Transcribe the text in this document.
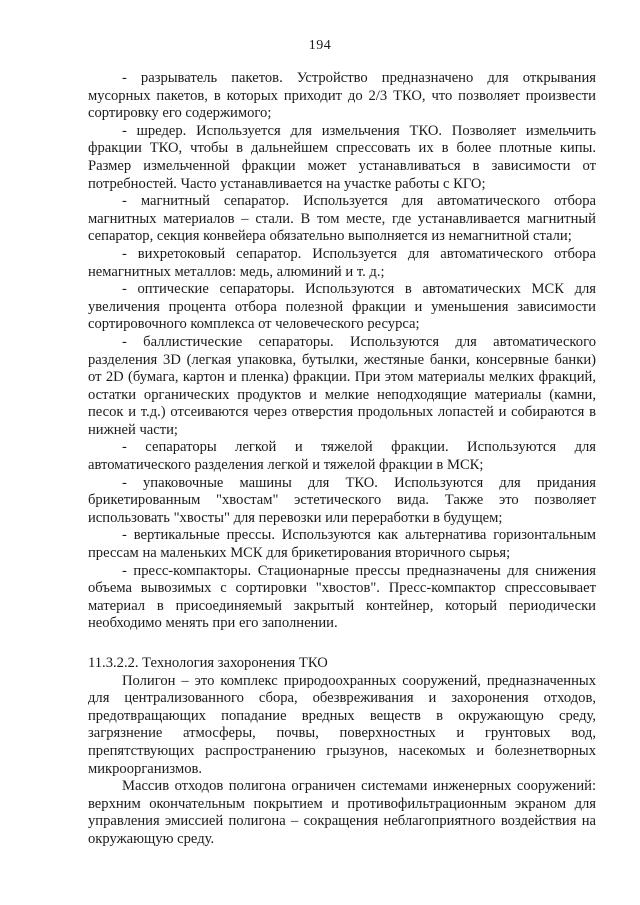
194

- разрыватель пакетов. Устройство предназначено для открывания мусорных пакетов, в которых приходит до 2/3 ТКО, что позволяет произвести сортировку его содержимого;

- шредер. Используется для измельчения ТКО. Позволяет измельчить фракции ТКО, чтобы в дальнейшем спрессовать их в более плотные кипы. Размер измельченной фракции может устанавливаться в зависимости от потребностей. Часто устанавливается на участке работы с КГО;

- магнитный сепаратор. Используется для автоматического отбора магнитных материалов – стали. В том месте, где устанавливается магнитный сепаратор, секция конвейера обязательно выполняется из немагнитной стали;

- вихретоковый сепаратор. Используется для автоматического отбора немагнитных металлов: медь, алюминий и т. д.;

- оптические сепараторы. Используются в автоматических МСК для увеличения процента отбора полезной фракции и уменьшения зависимости сортировочного комплекса от человеческого ресурса;

- баллистические сепараторы. Используются для автоматического разделения 3D (легкая упаковка, бутылки, жестяные банки, консервные банки) от 2D (бумага, картон и пленка) фракции. При этом материалы мелких фракций, остатки органических продуктов и мелкие неподходящие материалы (камни, песок и т.д.) отсеиваются через отверстия продольных лопастей и собираются в нижней части;

- сепараторы легкой и тяжелой фракции. Используются для автоматического разделения легкой и тяжелой фракции в МСК;

- упаковочные машины для ТКО. Используются для придания брикетированным "хвостам" эстетического вида. Также это позволяет использовать "хвосты" для перевозки или переработки в будущем;

- вертикальные прессы. Используются как альтернатива горизонтальным прессам на маленьких МСК для брикетирования вторичного сырья;

- пресс-компакторы. Стационарные прессы предназначены для снижения объема вывозимых с сортировки "хвостов". Пресс-компактор спрессовывает материал в присоединяемый закрытый контейнер, который периодически необходимо менять при его заполнении.

11.3.2.2. Технология захоронения ТКО

Полигон – это комплекс природоохранных сооружений, предназначенных для централизованного сбора, обезвреживания и захоронения отходов, предотвращающих попадание вредных веществ в окружающую среду, загрязнение атмосферы, почвы, поверхностных и грунтовых вод, препятствующих распространению грызунов, насекомых и болезнетворных микроорганизмов.

Массив отходов полигона ограничен системами инженерных сооружений: верхним окончательным покрытием и противофильтрационным экраном для управления эмиссией полигона – сокращения неблагоприятного воздействия на окружающую среду.
